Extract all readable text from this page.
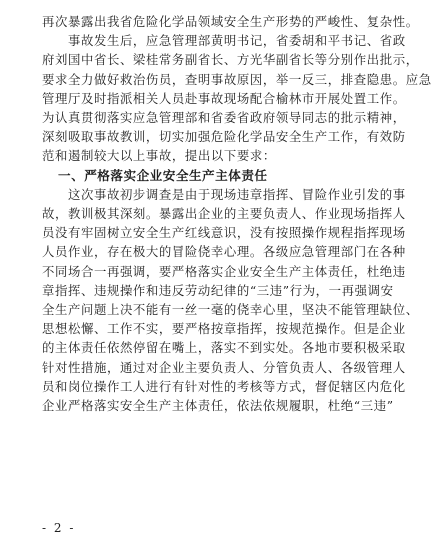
再次暴露出我省危险化学品领域安全生产形势的严峻性、复杂性。

　　事故发生后，应急管理部黄明书记，省委胡和平书记、省政

府刘国中省长、梁桂常务副省长、方光华副省长等分别作出批示，

要求全力做好救治伤员，查明事故原因，举一反三，排查隐患。应急

管理厅及时指派相关人员赴事故现场配合榆林市开展处置工作。

为认真贯彻落实应急管理部和省委省政府领导同志的批示精神，

深刻吸取事故教训，切实加强危险化学品安全生产工作，有效防

范和遏制较大以上事故，提出以下要求：

一、严格落实企业安全生产主体责任

　　这次事故初步调查是由于现场违章指挥、冒险作业引发的事

故，教训极其深刻。暴露出企业的主要负责人、作业现场指挥人

员没有牢固树立安全生产红线意识，没有按照操作规程指挥现场

人员作业，存在极大的冒险侥幸心理。各级应急管理部门在各种

不同场合一再强调，要严格落实企业安全生产主体责任，杜绝违

章指挥、违规操作和违反劳动纪律的“三违”行为，一再强调安

全生产问题上决不能有一丝一毫的侥幸心里，坚决不能管理缺位、

思想松懈、工作不实，要严格按章指挥，按规范操作。但是企业

的主体责任依然停留在嘴上，落实不到实处。各地市要积极采取

针对性措施，通过对企业主要负责人、分管负责人、各级管理人

员和岗位操作工人进行有针对性的考核等方式，督促辖区内危化

企业严格落实安全生产主体责任，依法依规履职，杜绝“三违”

- 2 -
